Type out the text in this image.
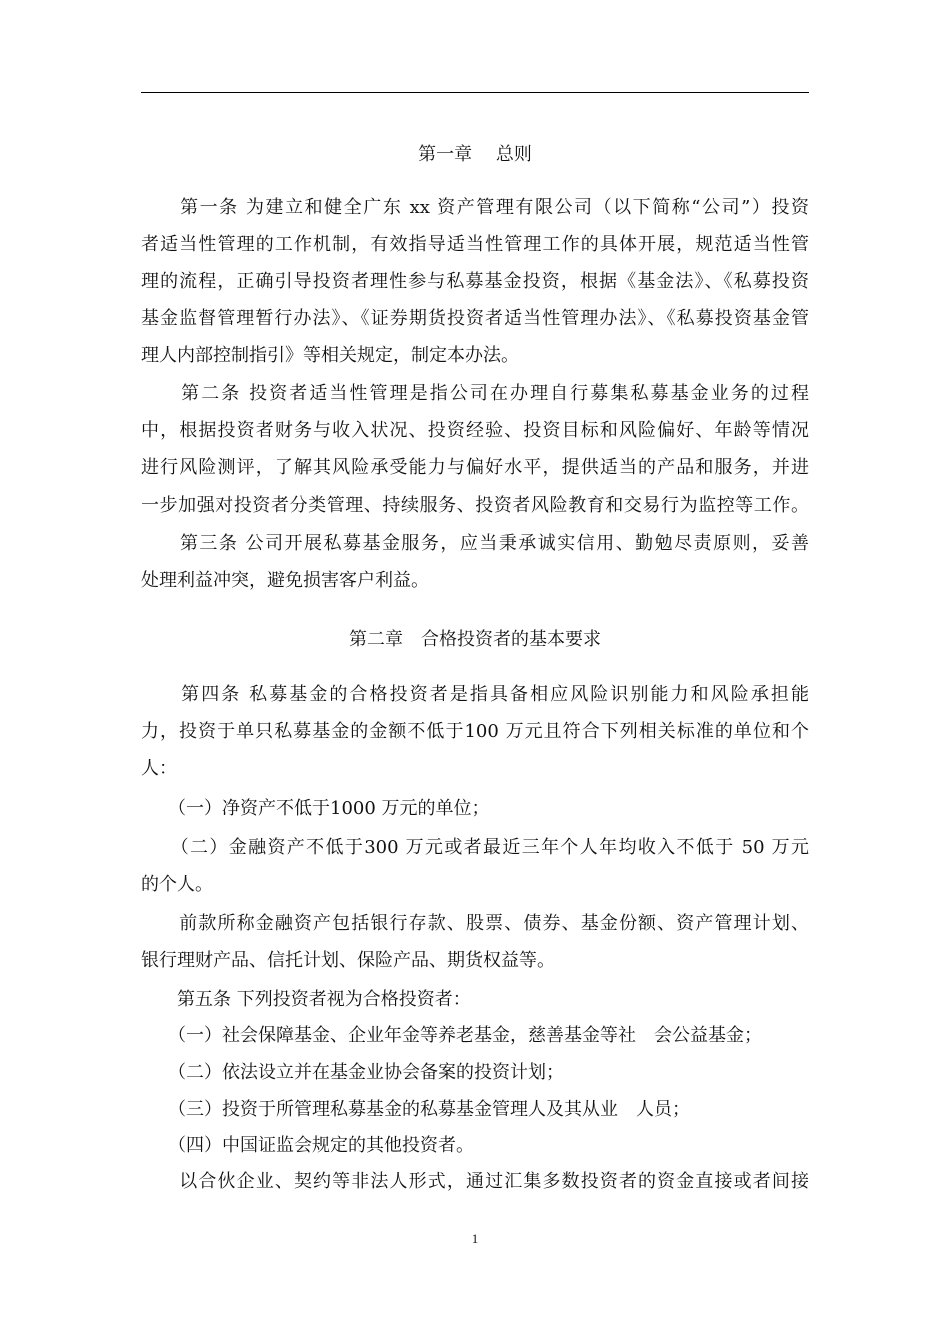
第一章　 总则
　　第一条 为建立和健全广东 xx 资产管理有限公司（以下简称“公司”）投资
者适当性管理的工作机制，有效指导适当性管理工作的具体开展，规范适当性管
理的流程，正确引导投资者理性参与私募基金投资，根据《基金法》、《私募投资
基金监督管理暂行办法》、《证券期货投资者适当性管理办法》、《私募投资基金管
理人内部控制指引》等相关规定，制定本办法。
　　第二条 投资者适当性管理是指公司在办理自行募集私募基金业务的过程
中，根据投资者财务与收入状况、投资经验、投资目标和风险偏好、年龄等情况
进行风险测评，了解其风险承受能力与偏好水平，提供适当的产品和服务，并进
一步加强对投资者分类管理、持续服务、投资者风险教育和交易行为监控等工作。
　　第三条 公司开展私募基金服务，应当秉承诚实信用、勤勉尽责原则，妥善
处理利益冲突，避免损害客户利益。
第二章　合格投资者的基本要求
　　第四条 私募基金的合格投资者是指具备相应风险识别能力和风险承担能
力，投资于单只私募基金的金额不低于100 万元且符合下列相关标准的单位和个
人：
　　（一）净资产不低于1000 万元的单位；
　　（二）金融资产不低于300 万元或者最近三年个人年均收入不低于 50 万元
的个人。
　　前款所称金融资产包括银行存款、股票、债券、基金份额、资产管理计划、
银行理财产品、信托计划、保险产品、期货权益等。
　　第五条 下列投资者视为合格投资者：
　　（一）社会保障基金、企业年金等养老基金，慈善基金等社　会公益基金；
　　（二）依法设立并在基金业协会备案的投资计划；
　　（三）投资于所管理私募基金的私募基金管理人及其从业　人员；
　　（四）中国证监会规定的其他投资者。
　　以合伙企业、契约等非法人形式，通过汇集多数投资者的资金直接或者间接
1
